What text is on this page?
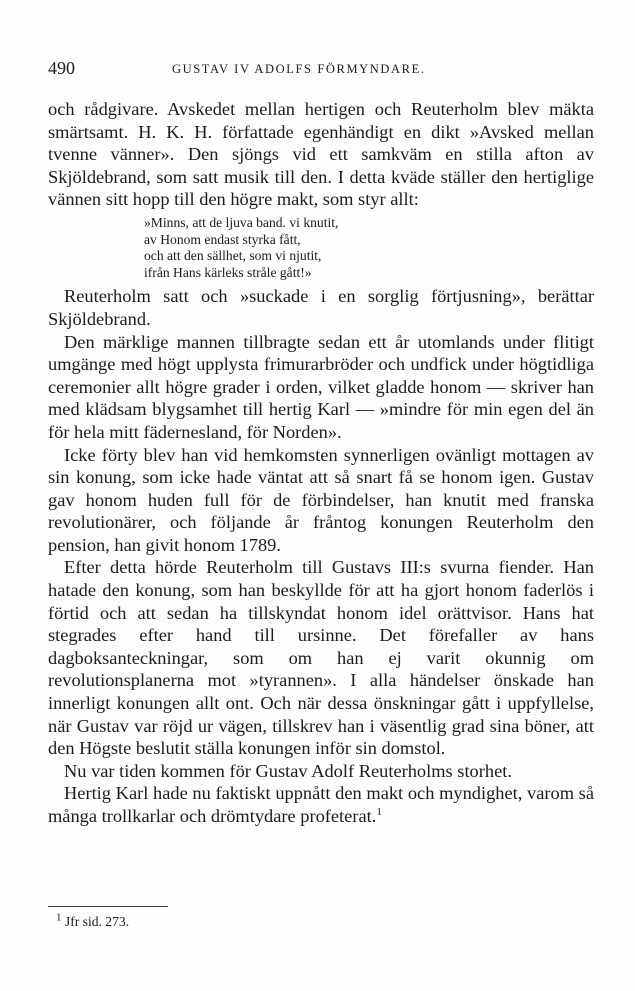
490	GUSTAV IV ADOLFS FÖRMYNDARE.

och rådgivare. Avskedet mellan hertigen och Reuterholm blev mäkta smärtsamt. H. K. H. författade egenhändigt en dikt »Avsked mellan tvenne vänner». Den sjöngs vid ett samkväm en stilla afton av Skjöldebrand, som satt musik till den. I detta kväde ställer den hertiglige vännen sitt hopp till den högre makt, som styr allt:

»Minns, att de ljuva band. vi knutit,
av Honom endast styrka fått,
och att den sällhet, som vi njutit,
ifrån Hans kärleks stråle gått!»

Reuterholm satt och »suckade i en sorglig förtjusning», berättar Skjöldebrand.

Den märklige mannen tillbragte sedan ett år utomlands under flitigt umgänge med högt upplysta frimurarbröder och undfick under högtidliga ceremonier allt högre grader i orden, vilket gladde honom — skriver han med klädsam blygsamhet till hertig Karl — »mindre för min egen del än för hela mitt fädernesland, för Norden».

Icke förty blev han vid hemkomsten synnerligen ovänligt mottagen av sin konung, som icke hade väntat att så snart få se honom igen. Gustav gav honom huden full för de förbindelser, han knutit med franska revolutionärer, och följande år fråntog konungen Reuterholm den pension, han givit honom 1789.

Efter detta hörde Reuterholm till Gustavs III:s svurna fiender. Han hatade den konung, som han beskyllde för att ha gjort honom faderlös i förtid och att sedan ha tillskyndat honom idel orättvisor. Hans hat stegrades efter hand till ursinne. Det förefaller av hans dagboksanteckningar, som om han ej varit okunnig om revolutionsplanerna mot »tyrannen». I alla händelser önskade han innerligt konungen allt ont. Och när dessa önskningar gått i uppfyllelse, när Gustav var röjd ur vägen, tillskrev han i väsentlig grad sina böner, att den Högste beslutit ställa konungen inför sin domstol.

Nu var tiden kommen för Gustav Adolf Reuterholms storhet.

Hertig Karl hade nu faktiskt uppnått den makt och myndighet, varom så många trollkarlar och drömtydare profeterat.$^1$

$^1$ Jfr sid. 273.
